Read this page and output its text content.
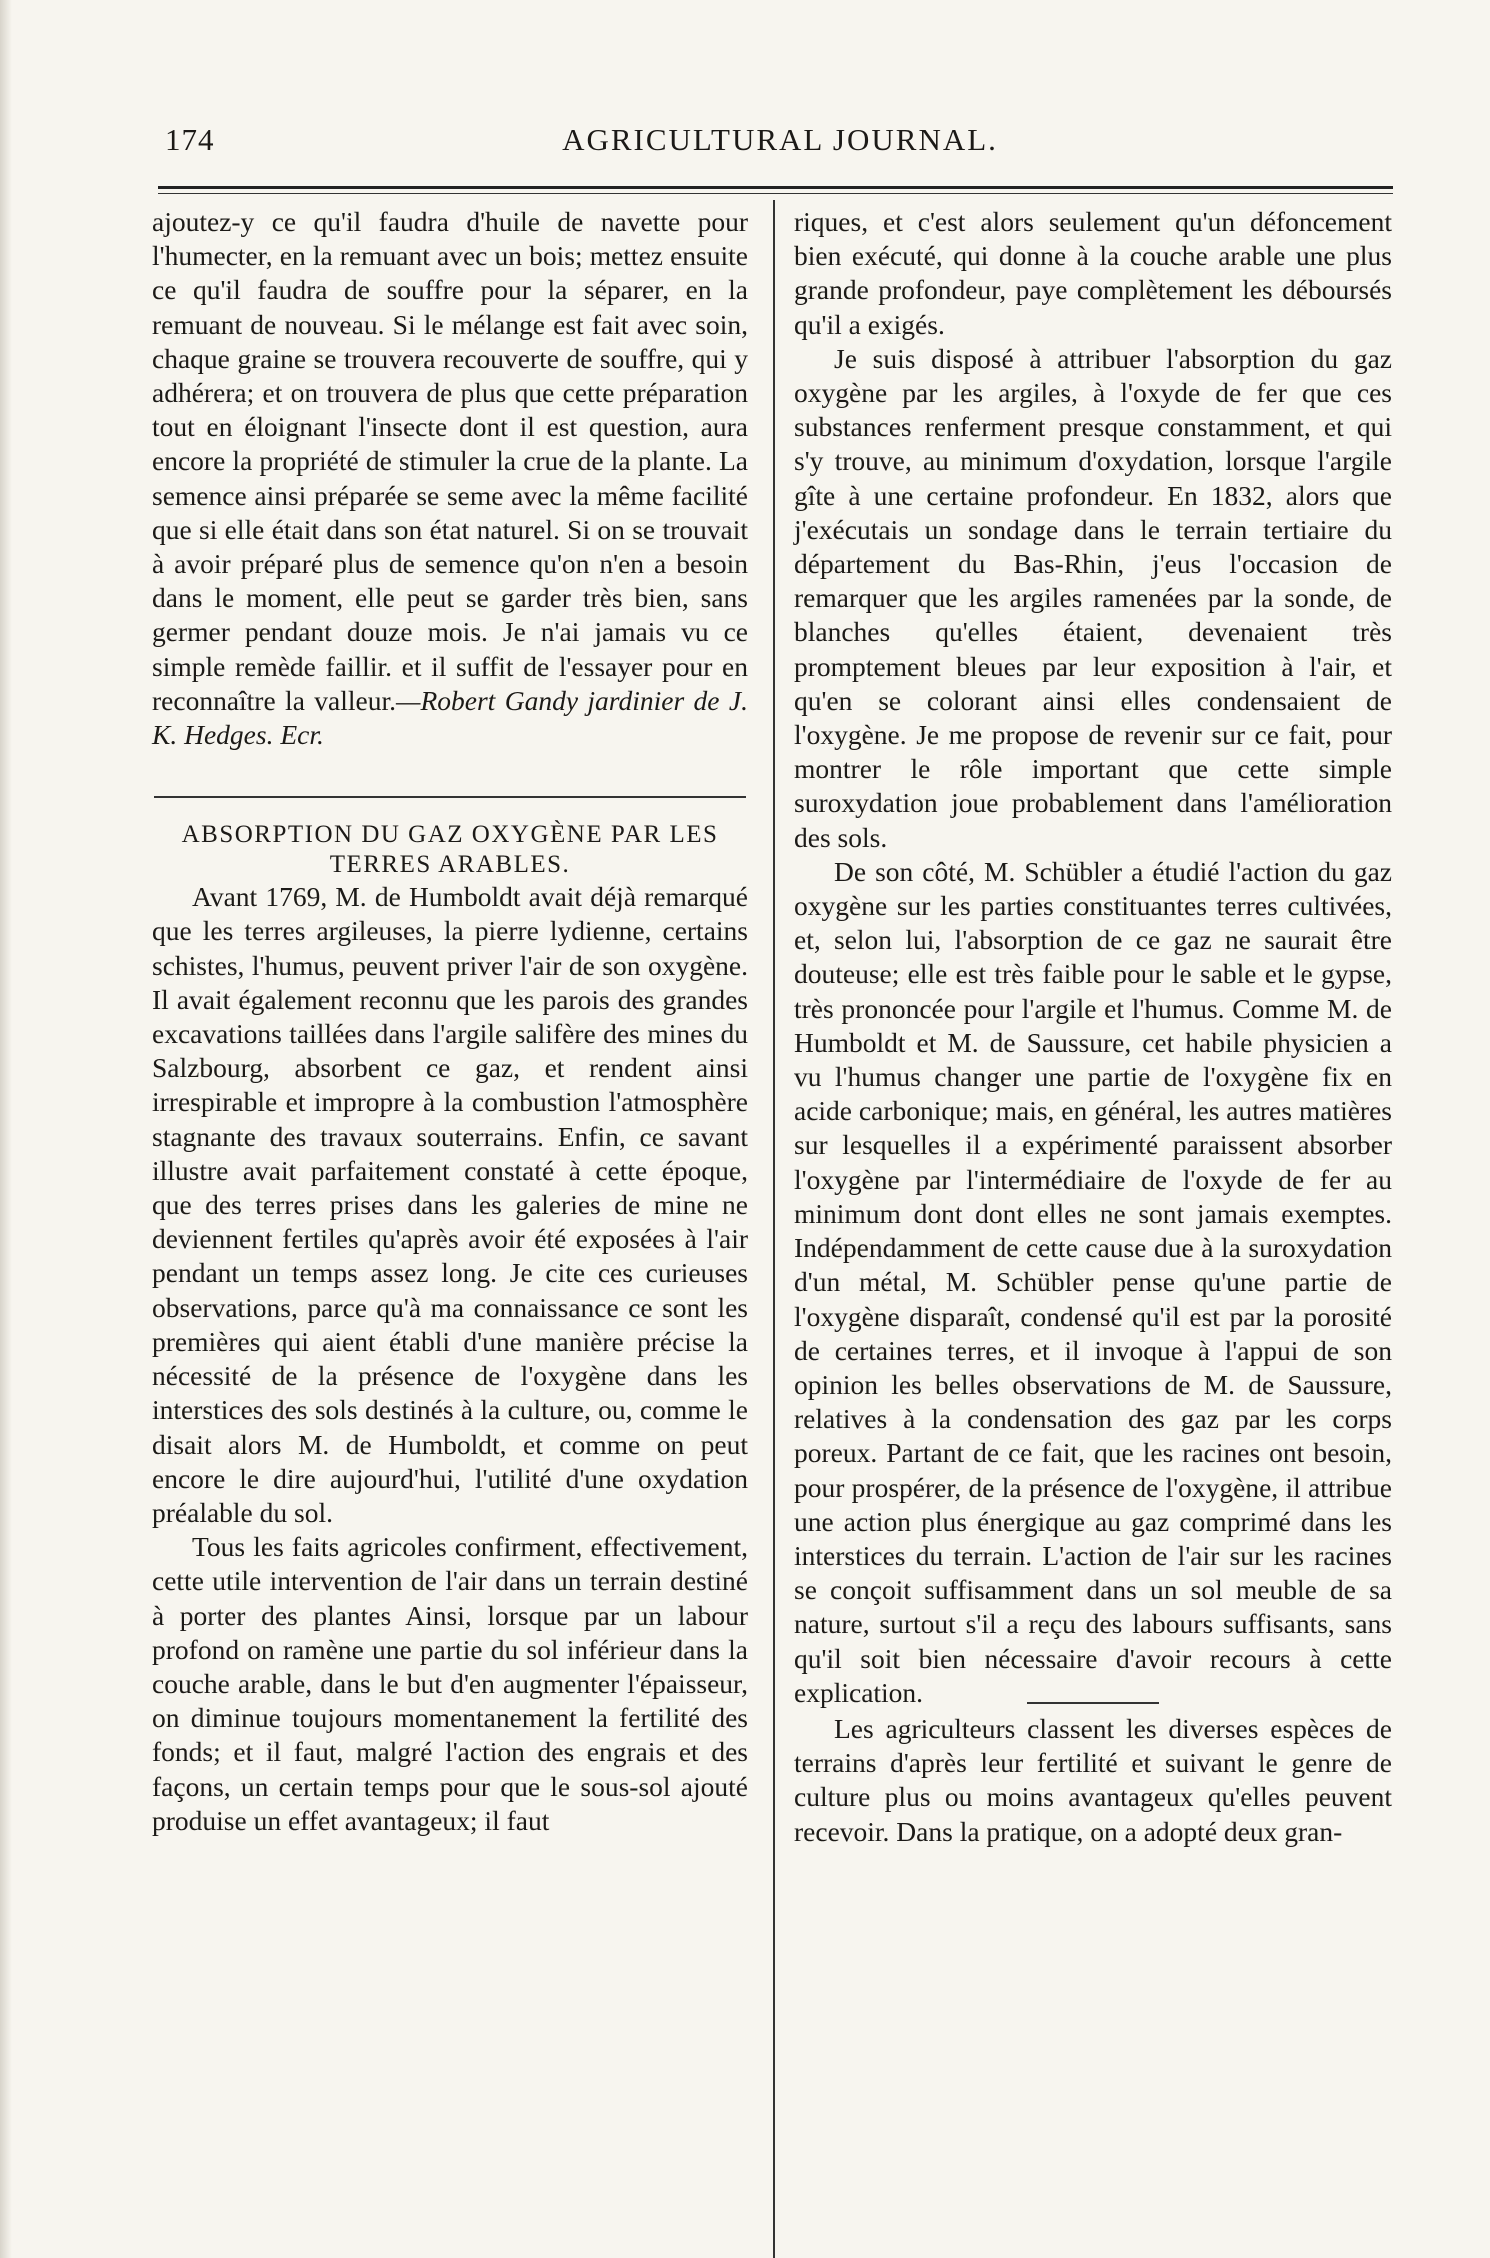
174	AGRICULTURAL JOURNAL.

ajoutez-y ce qu'il faudra d'huile de navette pour l'humecter, en la remuant avec un bois; mettez ensuite ce qu'il faudra de souffre pour la séparer, en la remuant de nouveau. Si le mélange est fait avec soin, chaque graine se trouvera recouverte de souffre, qui y adhérera; et on trouvera de plus que cette préparation tout en éloignant l'insecte dont il est question, aura encore la propriété de stimuler la crue de la plante. La semence ainsi préparée se seme avec la même facilité que si elle était dans son état naturel. Si on se trouvait à avoir préparé plus de semence qu'on n'en a besoin dans le moment, elle peut se garder très bien, sans germer pendant douze mois. Je n'ai jamais vu ce simple remède faillir. et il suffit de l'essayer pour en reconnaître la valleur.—Robert Gandy jardinier de J. K. Hedges. Ecr.

ABSORPTION DU GAZ OXYGÈNE PAR LES TERRES ARABLES.

Avant 1769, M. de Humboldt avait déjà remarqué que les terres argileuses, la pierre lydienne, certains schistes, l'humus, peuvent priver l'air de son oxygène. Il avait également reconnu que les parois des grandes excavations taillées dans l'argile salifère des mines du Salzbourg, absorbent ce gaz, et rendent ainsi irrespirable et impropre à la combustion l'atmosphère stagnante des travaux souterrains. Enfin, ce savant illustre avait parfaitement constaté à cette époque, que des terres prises dans les galeries de mine ne deviennent fertiles qu'après avoir été exposées à l'air pendant un temps assez long. Je cite ces curieuses observations, parce qu'à ma connaissance ce sont les premières qui aient établi d'une manière précise la nécessité de la présence de l'oxygène dans les interstices des sols destinés à la culture, ou, comme le disait alors M. de Humboldt, et comme on peut encore le dire aujourd'hui, l'utilité d'une oxydation préalable du sol.

Tous les faits agricoles confirment, effectivement, cette utile intervention de l'air dans un terrain destiné à porter des plantes Ainsi, lorsque par un labour profond on ramène une partie du sol inférieur dans la couche arable, dans le but d'en augmenter l'épaisseur, on diminue toujours momentanement la fertilité des fonds; et il faut, malgré l'action des engrais et des façons, un certain temps pour que le sous-sol ajouté produise un effet avantageux; il faut

riques, et c'est alors seulement qu'un défoncement bien exécuté, qui donne à la couche arable une plus grande profondeur, paye complètement les déboursés qu'il a exigés.

Je suis disposé à attribuer l'absorption du gaz oxygène par les argiles, à l'oxyde de fer que ces substances renferment presque constamment, et qui s'y trouve, au minimum d'oxydation, lorsque l'argile gîte à une certaine profondeur. En 1832, alors que j'exécutais un sondage dans le terrain tertiaire du département du Bas-Rhin, j'eus l'occasion de remarquer que les argiles ramenées par la sonde, de blanches qu'elles étaient, devenaient très promptement bleues par leur exposition à l'air, et qu'en se colorant ainsi elles condensaient de l'oxygène. Je me propose de revenir sur ce fait, pour montrer le rôle important que cette simple suroxydation joue probablement dans l'amélioration des sols.

De son côté, M. Schübler a étudié l'action du gaz oxygène sur les parties constituantes terres cultivées, et, selon lui, l'absorption de ce gaz ne saurait être douteuse; elle est très faible pour le sable et le gypse, très prononcée pour l'argile et l'humus. Comme M. de Humboldt et M. de Saussure, cet habile physicien a vu l'humus changer une partie de l'oxygène fix en acide carbonique; mais, en général, les autres matières sur lesquelles il a expérimenté paraissent absorber l'oxygène par l'intermédiaire de l'oxyde de fer au minimum dont dont elles ne sont jamais exemptes. Indépendamment de cette cause due à la suroxydation d'un métal, M. Schübler pense qu'une partie de l'oxygène disparaît, condensé qu'il est par la porosité de certaines terres, et il invoque à l'appui de son opinion les belles observations de M. de Saussure, relatives à la condensation des gaz par les corps poreux. Partant de ce fait, que les racines ont besoin, pour prospérer, de la présence de l'oxygène, il attribue une action plus énergique au gaz comprimé dans les interstices du terrain. L'action de l'air sur les racines se conçoit suffisamment dans un sol meuble de sa nature, surtout s'il a reçu des labours suffisants, sans qu'il soit bien nécessaire d'avoir recours à cette explication.

Les agriculteurs classent les diverses espèces de terrains d'après leur fertilité et suivant le genre de culture plus ou moins avantageux qu'elles peuvent recevoir. Dans la pratique, on a adopté deux gran-
